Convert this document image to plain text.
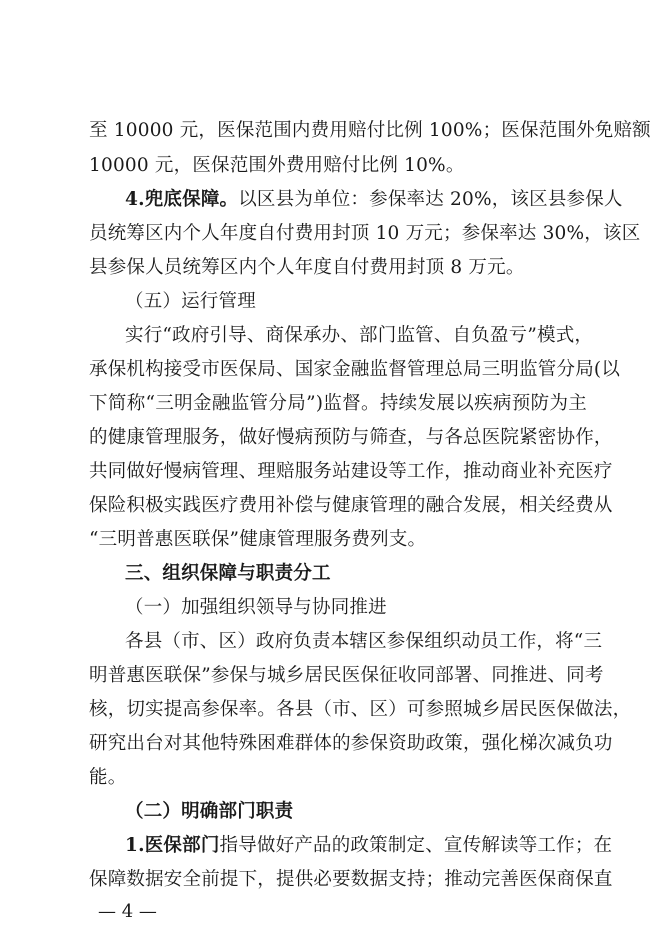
至 10000 元，医保范围内费用赔付比例 100%；医保范围外免赔额
10000 元，医保范围外费用赔付比例 10%。
4.兜底保障。以区县为单位：参保率达 20%，该区县参保人
员统筹区内个人年度自付费用封顶 10 万元；参保率达 30%，该区
县参保人员统筹区内个人年度自付费用封顶 8 万元。
（五）运行管理
实行“政府引导、商保承办、部门监管、自负盈亏”模式，
承保机构接受市医保局、国家金融监督管理总局三明监管分局(以
下简称“三明金融监管分局”)监督。持续发展以疾病预防为主
的健康管理服务，做好慢病预防与筛查，与各总医院紧密协作，
共同做好慢病管理、理赔服务站建设等工作，推动商业补充医疗
保险积极实践医疗费用补偿与健康管理的融合发展，相关经费从
“三明普惠医联保”健康管理服务费列支。
三、组织保障与职责分工
（一）加强组织领导与协同推进
各县（市、区）政府负责本辖区参保组织动员工作，将“三
明普惠医联保”参保与城乡居民医保征收同部署、同推进、同考
核，切实提高参保率。各县（市、区）可参照城乡居民医保做法，
研究出台对其他特殊困难群体的参保资助政策，强化梯次减负功
能。
（二）明确部门职责
1.医保部门指导做好产品的政策制定、宣传解读等工作；在
保障数据安全前提下，提供必要数据支持；推动完善医保商保直
— 4 —
